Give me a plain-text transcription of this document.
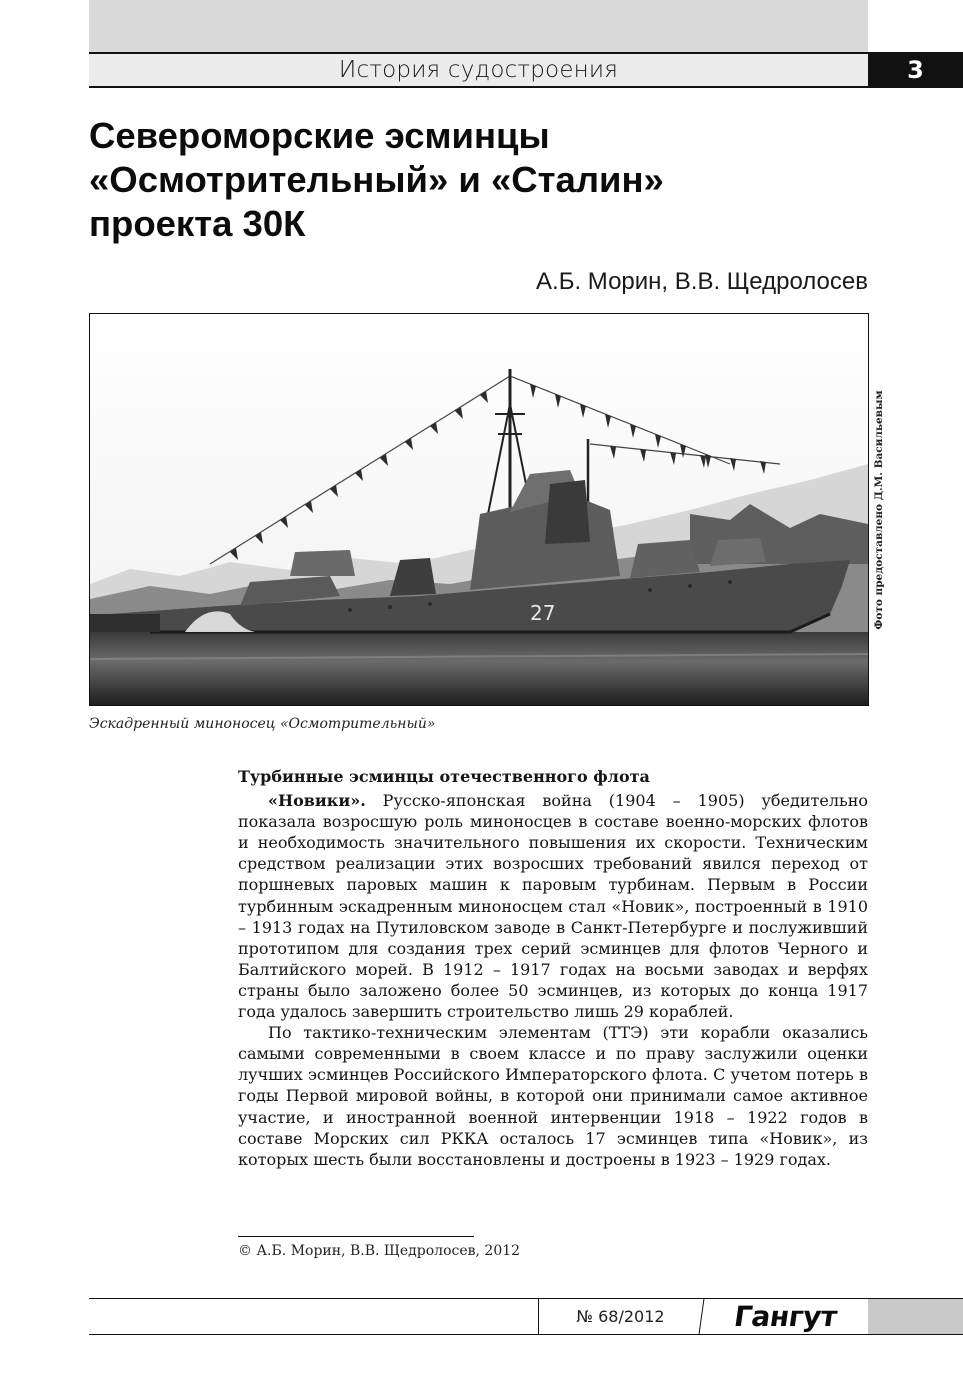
История судостроения	3
Североморские эсминцы
«Осмотрительный» и «Сталин»
проекта 30К
А.Б. Морин, В.В. Щедролосев
27	Фото предоставлено Д.М. Васильевым
Эскадренный миноносец «Осмотрительный»

Турбинные эсминцы отечественного флота

«Новики». Русско-японская война (1904 – 1905) убедительно показала возросшую роль миноносцев в составе военно-морских флотов и необходимость значительного повышения их скорости. Техническим средством реализации этих возросших требований явился переход от поршневых паровых машин к паровым турбинам. Первым в России турбинным эскадренным миноносцем стал «Новик», построенный в 1910 – 1913 годах на Путиловском заводе в Санкт-Петербурге и послуживший прототипом для создания трех серий эсминцев для флотов Черного и Балтийского морей. В 1912 – 1917 годах на восьми заводах и верфях страны было заложено более 50 эсминцев, из которых до конца 1917 года удалось завершить строительство лишь 29 кораблей.

По тактико-техническим элементам (ТТЭ) эти корабли оказались самыми современными в своем классе и по праву заслужили оценки лучших эсминцев Российского Императорского флота. С учетом потерь в годы Первой мировой войны, в которой они принимали самое активное участие, и иностранной военной интервенции 1918 – 1922 годов в составе Морских сил РККА осталось 17 эсминцев типа «Новик», из которых шесть были восстановлены и достроены в 1923 – 1929 годах.

© А.Б. Морин, В.В. Щедролосев, 2012
№ 68/2012	Гангут
